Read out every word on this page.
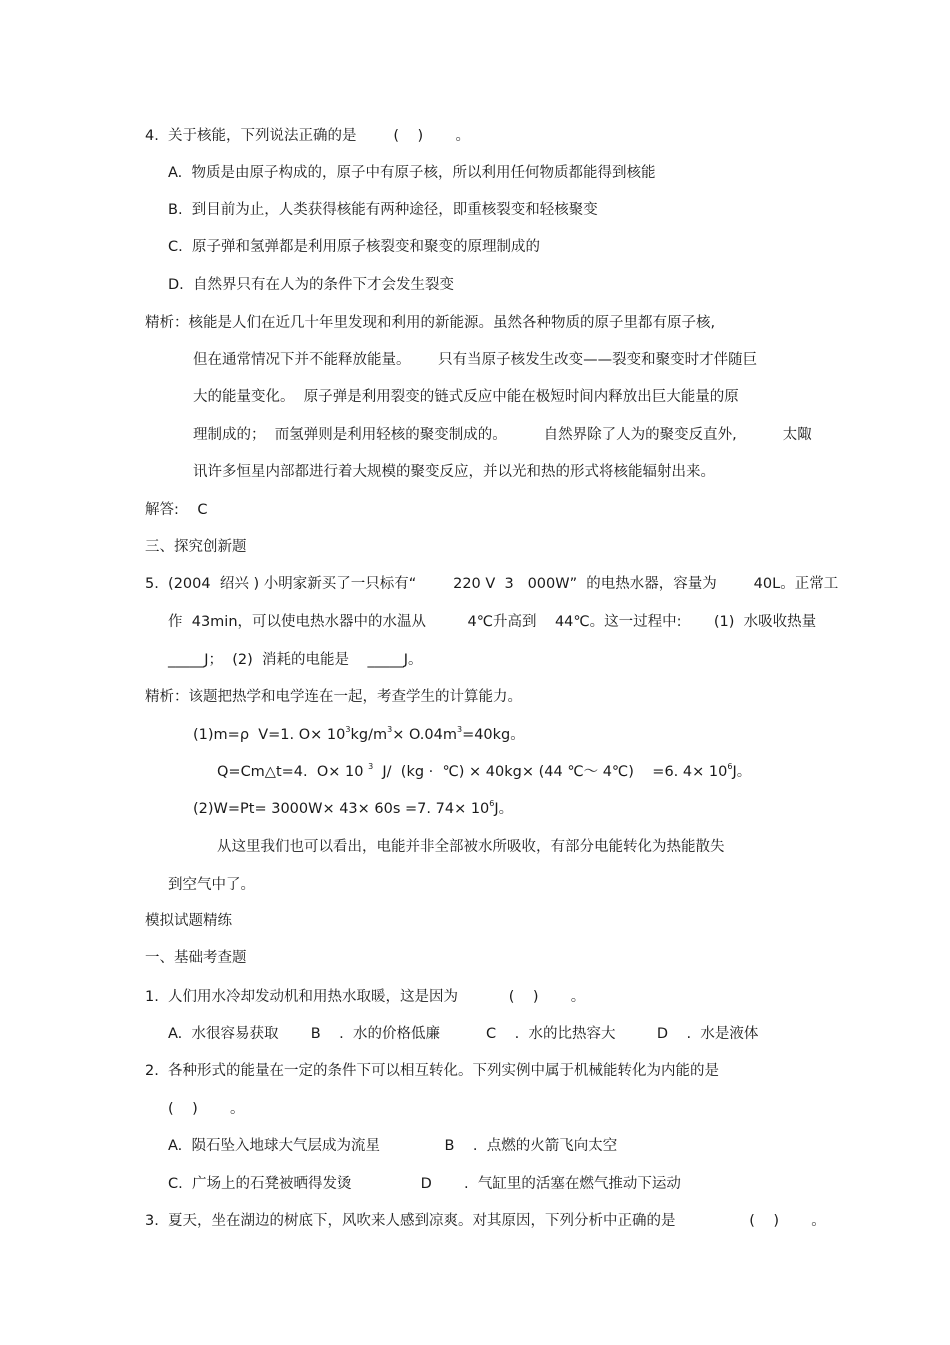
4.  关于核能，下列说法正确的是        (    )       。
A.  物质是由原子构成的，原子中有原子核，所以利用任何物质都能得到核能
B.  到目前为止，人类获得核能有两种途径，即重核裂变和轻核聚变
C.  原子弹和氢弹都是利用原子核裂变和聚变的原理制成的
D.  自然界只有在人为的条件下才会发生裂变
精析：核能是人们在近几十年里发现和利用的新能源。虽然各种物质的原子里都有原子核,
但在通常情况下并不能释放能量。      只有当原子核发生改变——裂变和聚变时才伴随巨
大的能量变化。  原子弹是利用裂变的链式反应中能在极短时间内释放出巨大能量的原
理制成的；  而氢弹则是利用轻核的聚变制成的。        自然界除了人为的聚变反直外,          太陬
讯许多恒星内部都进行着大规模的聚变反应，并以光和热的形式将核能辐射出来。
解答:    C
三、探究创新题
5.  (2004  绍兴 ) 小明家新买了一只标有“        220 V  3   000W”  的电热水器，容量为        40L。正常工
作  43min，可以使电热水器中的水温从         4℃升高到    44℃。这一过程中:       (1)  水吸收热量
_____J；  (2)  消耗的电能是    _____J。
精析：该题把热学和电学连在一起，考查学生的计算能力。
(1)m=ρ  V=1. $O\times 10^3kg/m^3\times O.04m^3=40kg$。
Q=Cm△t=4.  O× 10 $^3$  J/  (kg ·  ℃) × 40kg× (44 ℃～ 4℃)    =6. $4\times 10^6J$。
(2)W=Pt= 3000W× 43× 60s =7. $74\times 10^6J$。
从这里我们也可以看出，电能并非全部被水所吸收，有部分电能转化为热能散失
到空气中了。
模拟试题精练
一、基础考查题
1.  人们用水冷却发动机和用热水取暖，这是因为           (    )       。
A.  水很容易获取       B    .  水的价格低廉          C    .  水的比热容大         D    .  水是液体
2.  各种形式的能量在一定的条件下可以相互转化。下列实例中属于机械能转化为内能的是
(    )       。
A.  陨石坠入地球大气层成为流星              B    .  点燃的火箭飞向太空
C.  广场上的石凳被晒得发烫               D       .  气缸里的活塞在燃气推动下运动
3.  夏天，坐在湖边的树底下，风吹来人感到凉爽。对其原因，下列分析中正确的是                (    )       。
